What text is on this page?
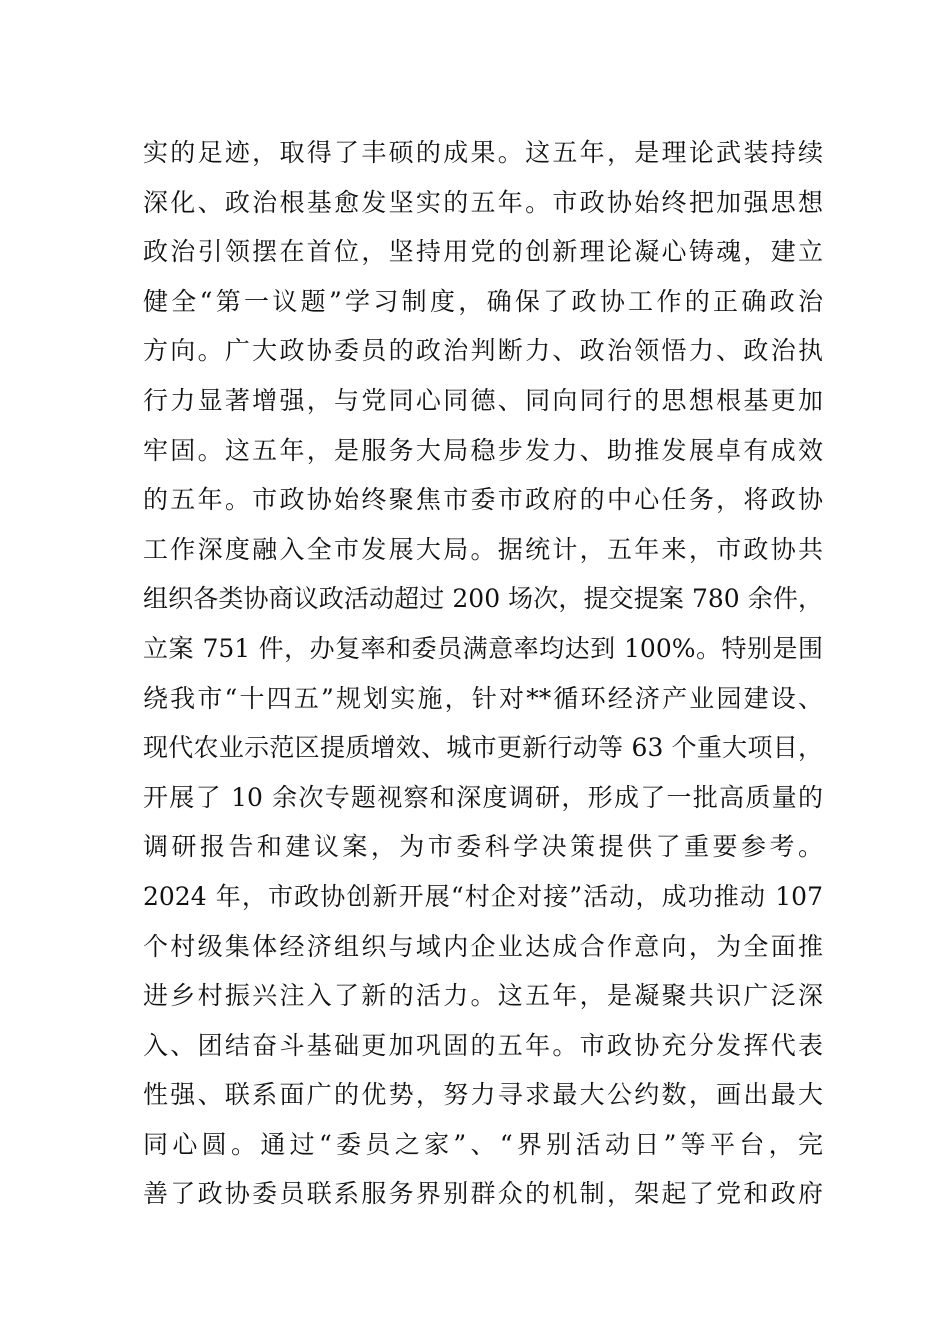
实的足迹，取得了丰硕的成果。这五年，是理论武装持续
深化、政治根基愈发坚实的五年。市政协始终把加强思想
政治引领摆在首位，坚持用党的创新理论凝心铸魂，建立
健全“第一议题”学习制度，确保了政协工作的正确政治
方向。广大政协委员的政治判断力、政治领悟力、政治执
行力显著增强，与党同心同德、同向同行的思想根基更加
牢固。这五年，是服务大局稳步发力、助推发展卓有成效
的五年。市政协始终聚焦市委市政府的中心任务，将政协
工作深度融入全市发展大局。据统计，五年来，市政协共
组织各类协商议政活动超过 200 场次，提交提案 780 余件，
立案 751 件，办复率和委员满意率均达到 100%。特别是围
绕我市“十四五”规划实施，针对**循环经济产业园建设、
现代农业示范区提质增效、城市更新行动等 63 个重大项目，
开展了 10 余次专题视察和深度调研，形成了一批高质量的
调研报告和建议案，为市委科学决策提供了重要参考。
2024 年，市政协创新开展“村企对接”活动，成功推动 107
个村级集体经济组织与域内企业达成合作意向，为全面推
进乡村振兴注入了新的活力。这五年，是凝聚共识广泛深
入、团结奋斗基础更加巩固的五年。市政协充分发挥代表
性强、联系面广的优势，努力寻求最大公约数，画出最大
同心圆。通过“委员之家”、“界别活动日”等平台，完
善了政协委员联系服务界别群众的机制，架起了党和政府
